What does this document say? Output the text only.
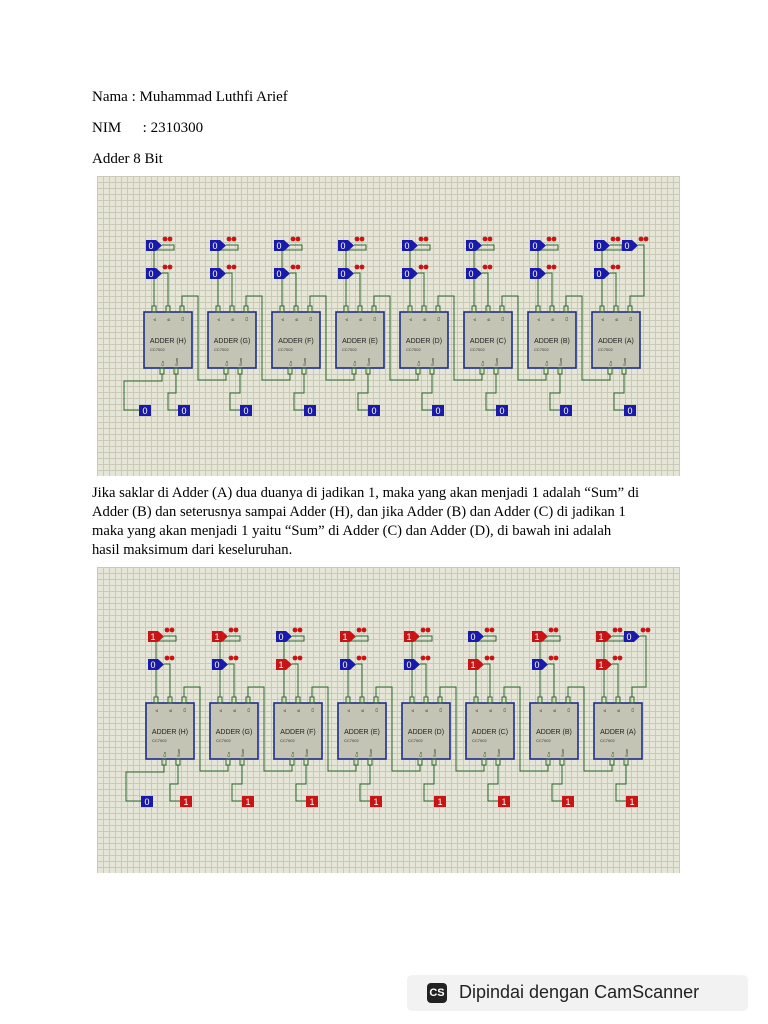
Nama : Muhammad Luthfi Arief
NIM : 2310300
Adder 8 Bit
0
0
A B Ci
Co Sum
ADDER (H)
CC7002
0
0
0
A B Ci
Co Sum
ADDER (G)
CC7002
0
0
0
A B Ci
Co Sum
ADDER (F)
CC7002
0
0
0
A B Ci
Co Sum
ADDER (E)
CC7002
0
0
0
A B Ci
Co Sum
ADDER (D)
CC7002
0
0
0
A B Ci
Co Sum
ADDER (C)
CC7002
0
0
0
A B Ci
Co Sum
ADDER (B)
CC7002
0
0
0
A B Ci
Co Sum
ADDER (A)
CC7002
0
0
0
Jika saklar di Adder (A) dua duanya di jadikan 1, maka yang akan menjadi 1 adalah “Sum” di
Adder (B) dan seterusnya sampai Adder (H), dan jika Adder (B) dan Adder (C) di jadikan 1
maka yang akan menjadi 1 yaitu “Sum” di Adder (C) dan Adder (D), di bawah ini adalah
hasil maksimum dari keseluruhan.
1
0
A B Ci
Co Sum
ADDER (H)
CC7002
1
1
0
A B Ci
Co Sum
ADDER (G)
CC7002
1
0
1
A B Ci
Co Sum
ADDER (F)
CC7002
1
1
0
A B Ci
Co Sum
ADDER (E)
CC7002
1
1
0
A B Ci
Co Sum
ADDER (D)
CC7002
1
0
1
A B Ci
Co Sum
ADDER (C)
CC7002
1
1
0
A B Ci
Co Sum
ADDER (B)
CC7002
1
1
1
A B Ci
Co Sum
ADDER (A)
CC7002
1
0
0
CS Dipindai dengan CamScanner
